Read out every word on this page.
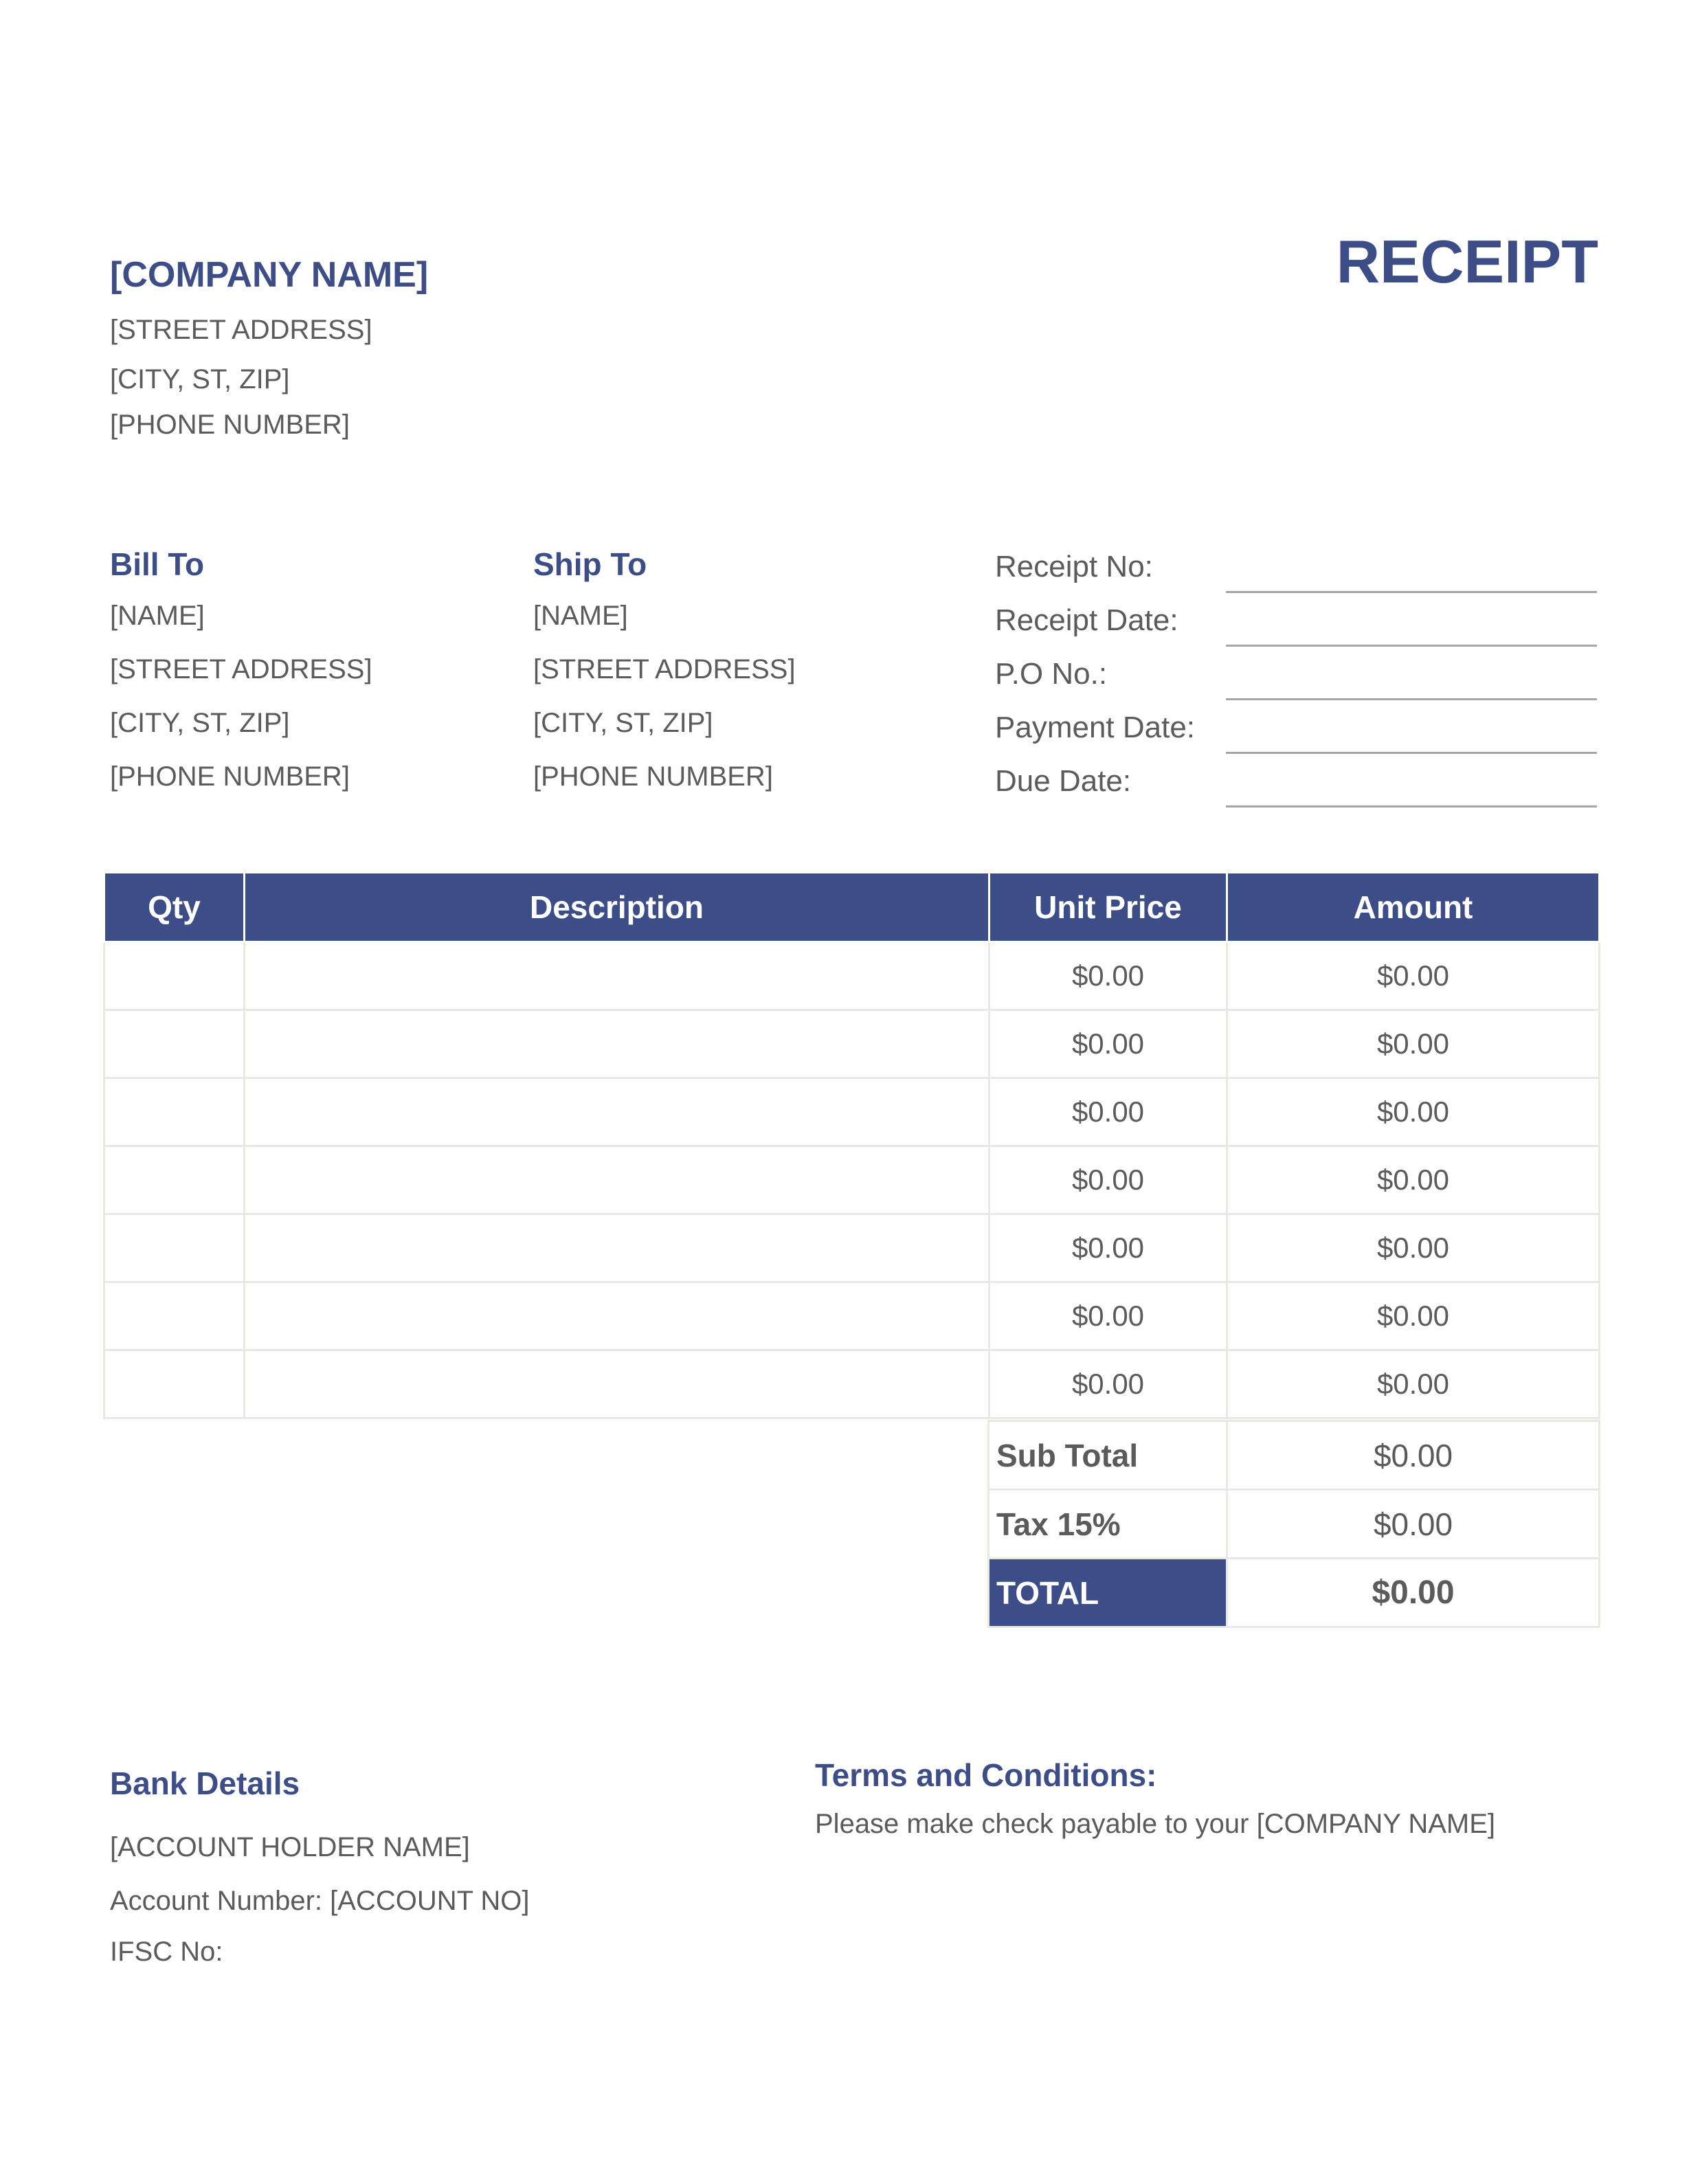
[COMPANY NAME]
[STREET ADDRESS]
[CITY, ST, ZIP]
[PHONE NUMBER]
RECEIPT
Bill To
[NAME]
[STREET ADDRESS]
[CITY, ST, ZIP]
[PHONE NUMBER]
Ship To
[NAME]
[STREET ADDRESS]
[CITY, ST, ZIP]
[PHONE NUMBER]
Receipt No:
Receipt Date:
P.O No.:
Payment Date:
Due Date:
Qty	Description	Unit Price	Amount
		$0.00	$0.00
		$0.00	$0.00
		$0.00	$0.00
		$0.00	$0.00
		$0.00	$0.00
		$0.00	$0.00
		$0.00	$0.00
Sub Total	$0.00
Tax 15%	$0.00
TOTAL	$0.00
Bank Details
[ACCOUNT HOLDER NAME]
Account Number: [ACCOUNT NO]
IFSC No:
Terms and Conditions:
Please make check payable to your [COMPANY NAME]
